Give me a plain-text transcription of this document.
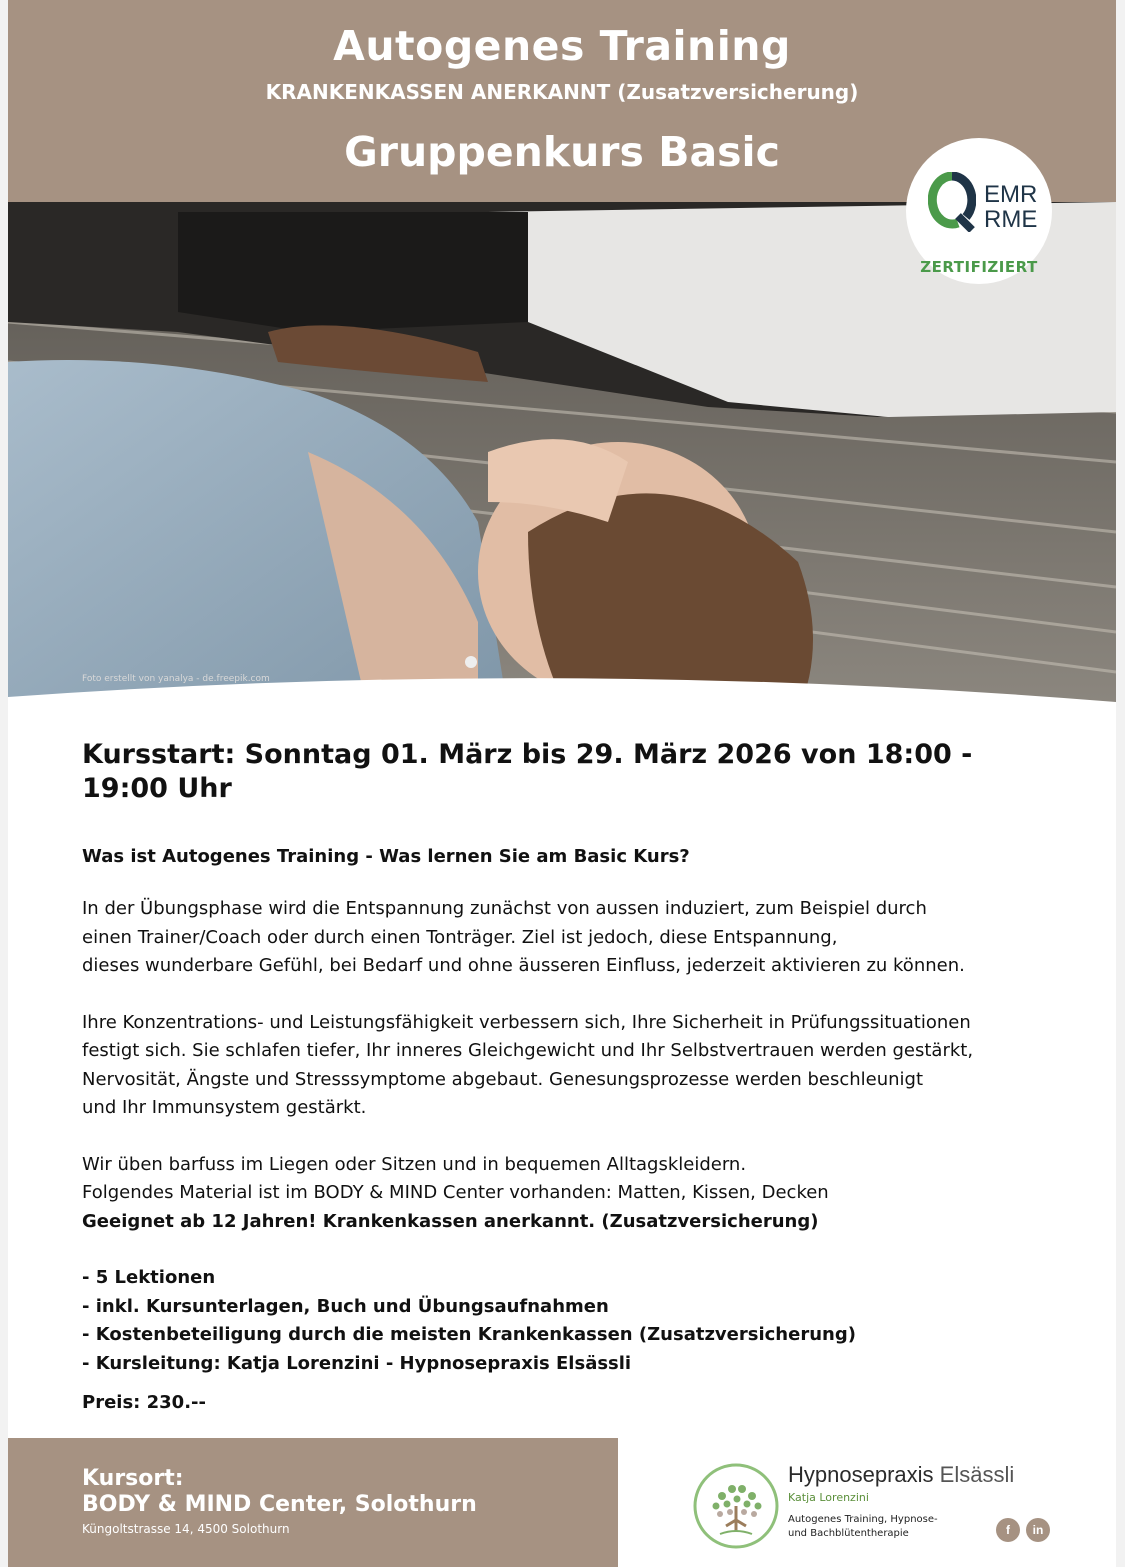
Autogenes Training
KRANKENKASSEN ANERKANNT (Zusatzversicherung)
Gruppenkurs Basic
Foto erstellt von yanalya - de.freepik.com
EMR
RME
ZERTIFIZIERT
Kursstart: Sonntag 01. März bis 29. März 2026 von 18:00 - 19:00 Uhr
Was ist Autogenes Training - Was lernen Sie am Basic Kurs?
In der Übungsphase wird die Entspannung zunächst von aussen induziert, zum Beispiel durch
einen Trainer/Coach oder durch einen Tonträger. Ziel ist jedoch, diese Entspannung,
dieses wunderbare Gefühl, bei Bedarf und ohne äusseren Einfluss, jederzeit aktivieren zu können.
Ihre Konzentrations- und Leistungsfähigkeit verbessern sich, Ihre Sicherheit in Prüfungssituationen
festigt sich. Sie schlafen tiefer, Ihr inneres Gleichgewicht und Ihr Selbstvertrauen werden gestärkt,
Nervosität, Ängste und Stresssymptome abgebaut. Genesungsprozesse werden beschleunigt
und Ihr Immunsystem gestärkt.
Wir üben barfuss im Liegen oder Sitzen und in bequemen Alltagskleidern.
Folgendes Material ist im BODY & MIND Center vorhanden: Matten, Kissen, Decken
Geeignet ab 12 Jahren! Krankenkassen anerkannt. (Zusatzversicherung)
- 5 Lektionen
- inkl. Kursunterlagen, Buch und Übungsaufnahmen
- Kostenbeteiligung durch die meisten Krankenkassen (Zusatzversicherung)
- Kursleitung: Katja Lorenzini - Hypnosepraxis Elsässli
Preis: 230.--
Kursort:
BODY & MIND Center, Solothurn
Küngoltstrasse 14, 4500 Solothurn
Hypnosepraxis Elsässli
Katja Lorenzini
Autogenes Training, Hypnose-
und Bachblütentherapie	f	in
